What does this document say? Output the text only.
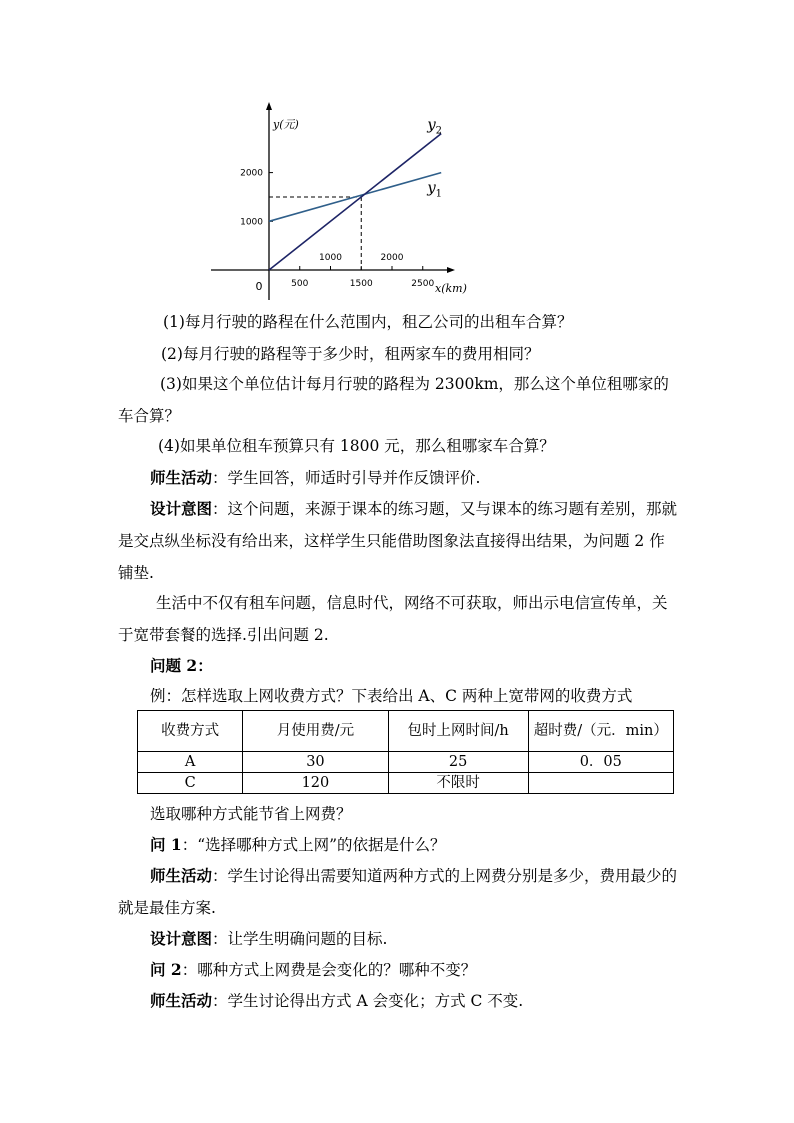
1000
2000
500	1500	2500
1000	2000
0	x(km)
y(元)
$y_1$
$y_2$

(1)每月行驶的路程在什么范围内，租乙公司的出租车合算？

(2)每月行驶的路程等于多少时，租两家车的费用相同？

(3)如果这个单位估计每月行驶的路程为 2300km，那么这个单位租哪家的车合算？

(4)如果单位租车预算只有 1800 元，那么租哪家车合算？

师生活动：学生回答，师适时引导并作反馈评价.

设计意图：这个问题，来源于课本的练习题，又与课本的练习题有差别，那就是交点纵坐标没有给出来，这样学生只能借助图象法直接得出结果，为问题 2 作铺垫.

生活中不仅有租车问题，信息时代，网络不可获取，师出示电信宣传单，关于宽带套餐的选择.引出问题 2.

问题 2：

例：怎样选取上网收费方式？下表给出 A、C 两种上宽带网的收费方式

收费方式	月使用费/元	包时上网时间/h	超时费/（元．min）
A	30	25	0．05
C	120	不限时	

选取哪种方式能节省上网费？

问 1：“选择哪种方式上网”的依据是什么？

师生活动：学生讨论得出需要知道两种方式的上网费分别是多少，费用最少的就是最佳方案.

设计意图：让学生明确问题的目标.

问 2：哪种方式上网费是会变化的？哪种不变？

师生活动：学生讨论得出方式 A 会变化；方式 C 不变.
